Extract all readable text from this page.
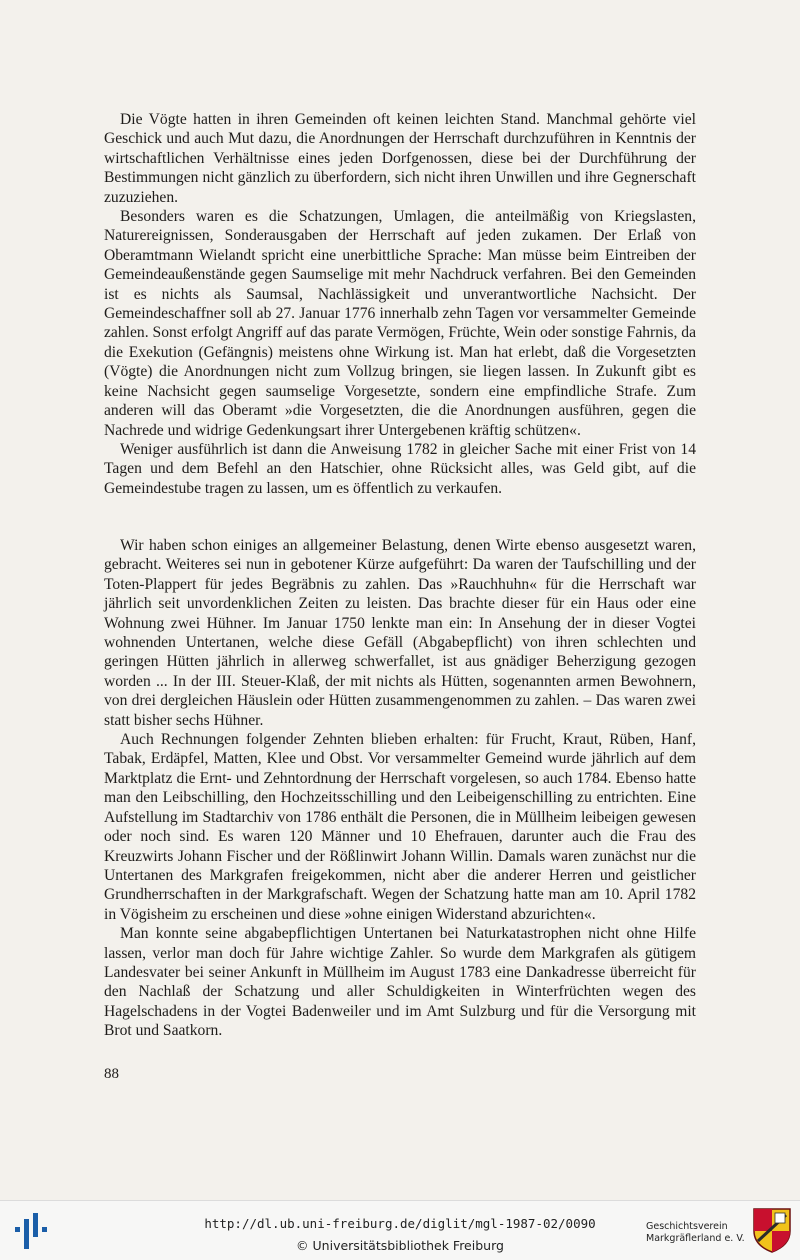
Die Vögte hatten in ihren Gemeinden oft keinen leichten Stand. Manchmal gehörte viel Geschick und auch Mut dazu, die Anordnungen der Herrschaft durchzuführen in Kenntnis der wirtschaftlichen Verhältnisse eines jeden Dorfgenossen, diese bei der Durchführung der Bestimmungen nicht gänzlich zu überfordern, sich nicht ihren Unwillen und ihre Gegnerschaft zuzuziehen.

Besonders waren es die Schatzungen, Umlagen, die anteilmäßig von Kriegslasten, Naturereignissen, Sonderausgaben der Herrschaft auf jeden zukamen. Der Erlaß von Oberamtmann Wielandt spricht eine unerbittliche Sprache: Man müsse beim Eintreiben der Gemeindeaußenstände gegen Saumselige mit mehr Nachdruck verfahren. Bei den Gemeinden ist es nichts als Saumsal, Nachlässigkeit und unverantwortliche Nachsicht. Der Gemeindeschaffner soll ab 27. Januar 1776 innerhalb zehn Tagen vor versammelter Gemeinde zahlen. Sonst erfolgt Angriff auf das parate Vermögen, Früchte, Wein oder sonstige Fahrnis, da die Exekution (Gefängnis) meistens ohne Wirkung ist. Man hat erlebt, daß die Vorgesetzten (Vögte) die Anordnungen nicht zum Vollzug bringen, sie liegen lassen. In Zukunft gibt es keine Nachsicht gegen saumselige Vorgesetzte, sondern eine empfindliche Strafe. Zum anderen will das Oberamt »die Vorgesetzten, die die Anordnungen ausführen, gegen die Nachrede und widrige Gedenkungsart ihrer Untergebenen kräftig schützen«.

Weniger ausführlich ist dann die Anweisung 1782 in gleicher Sache mit einer Frist von 14 Tagen und dem Befehl an den Hatschier, ohne Rücksicht alles, was Geld gibt, auf die Gemeindestube tragen zu lassen, um es öffentlich zu verkaufen.

Wir haben schon einiges an allgemeiner Belastung, denen Wirte ebenso ausgesetzt waren, gebracht. Weiteres sei nun in gebotener Kürze aufgeführt: Da waren der Taufschilling und der Toten-Plappert für jedes Begräbnis zu zahlen. Das »Rauchhuhn« für die Herrschaft war jährlich seit unvordenklichen Zeiten zu leisten. Das brachte dieser für ein Haus oder eine Wohnung zwei Hühner. Im Januar 1750 lenkte man ein: In Ansehung der in dieser Vogtei wohnenden Untertanen, welche diese Gefäll (Abgabepflicht) von ihren schlechten und geringen Hütten jährlich in allerweg schwerfallet, ist aus gnädiger Beherzigung gezogen worden ... In der III. Steuer-Klaß, der mit nichts als Hütten, sogenannten armen Bewohnern, von drei dergleichen Häuslein oder Hütten zusammengenommen zu zahlen. – Das waren zwei statt bisher sechs Hühner.

Auch Rechnungen folgender Zehnten blieben erhalten: für Frucht, Kraut, Rüben, Hanf, Tabak, Erdäpfel, Matten, Klee und Obst. Vor versammelter Gemeind wurde jährlich auf dem Marktplatz die Ernt- und Zehntordnung der Herrschaft vorgelesen, so auch 1784. Ebenso hatte man den Leibschilling, den Hochzeitsschilling und den Leibeigenschilling zu entrichten. Eine Aufstellung im Stadtarchiv von 1786 enthält die Personen, die in Müllheim leibeigen gewesen oder noch sind. Es waren 120 Männer und 10 Ehefrauen, darunter auch die Frau des Kreuzwirts Johann Fischer und der Rößlinwirt Johann Willin. Damals waren zunächst nur die Untertanen des Markgrafen freigekommen, nicht aber die anderer Herren und geistlicher Grundherrschaften in der Markgrafschaft. Wegen der Schatzung hatte man am 10. April 1782 in Vögisheim zu erscheinen und diese »ohne einigen Widerstand abzurichten«.

Man konnte seine abgabepflichtigen Untertanen bei Naturkatastrophen nicht ohne Hilfe lassen, verlor man doch für Jahre wichtige Zahler. So wurde dem Markgrafen als gütigem Landesvater bei seiner Ankunft in Müllheim im August 1783 eine Dankadresse überreicht für den Nachlaß der Schatzung und aller Schuldigkeiten in Winterfrüchten wegen des Hagelschadens in der Vogtei Badenweiler und im Amt Sulzburg und für die Versorgung mit Brot und Saatkorn.

88
http://dl.ub.uni-freiburg.de/diglit/mgl-1987-02/0090
© Universitätsbibliothek Freiburg
Geschichtsverein
Markgräflerland e. V.
